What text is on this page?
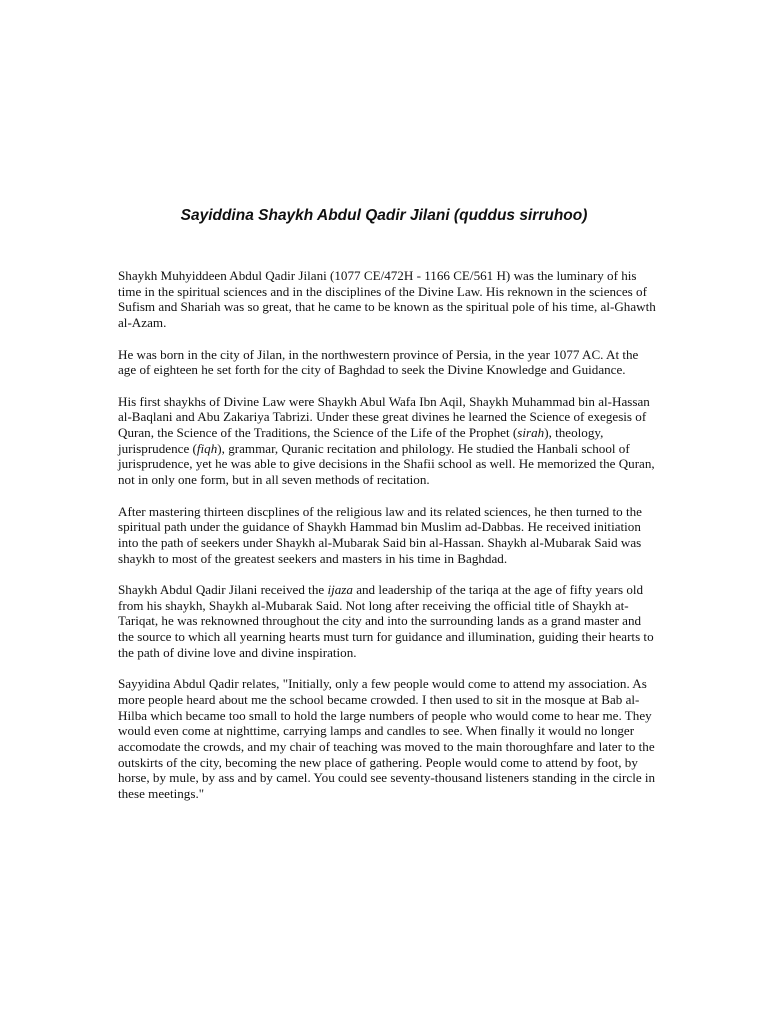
Sayiddina Shaykh Abdul Qadir Jilani (quddus sirruhoo)

Shaykh Muhyiddeen Abdul Qadir Jilani (1077 CE/472H - 1166 CE/561 H) was the luminary of his time in the spiritual sciences and in the disciplines of the Divine Law. His reknown in the sciences of Sufism and Shariah was so great, that he came to be known as the spiritual pole of his time, al-Ghawth al-Azam.

He was born in the city of Jilan, in the northwestern province of Persia, in the year 1077 AC. At the age of eighteen he set forth for the city of Baghdad to seek the Divine Knowledge and Guidance.

His first shaykhs of Divine Law were Shaykh Abul Wafa Ibn Aqil, Shaykh Muhammad bin al-Hassan al-Baqlani and Abu Zakariya Tabrizi. Under these great divines he learned the Science of exegesis of Quran, the Science of the Traditions, the Science of the Life of the Prophet (sirah), theology, jurisprudence (fiqh), grammar, Quranic recitation and philology. He studied the Hanbali school of jurisprudence, yet he was able to give decisions in the Shafii school as well. He memorized the Quran, not in only one form, but in all seven methods of recitation.

After mastering thirteen discplines of the religious law and its related sciences, he then turned to the spiritual path under the guidance of Shaykh Hammad bin Muslim ad-Dabbas. He received initiation into the path of seekers under Shaykh al-Mubarak Said bin al-Hassan. Shaykh al-Mubarak Said was shaykh to most of the greatest seekers and masters in his time in Baghdad.

Shaykh Abdul Qadir Jilani received the ijaza and leadership of the tariqa at the age of fifty years old from his shaykh, Shaykh al-Mubarak Said. Not long after receiving the official title of Shaykh at-Tariqat, he was reknowned throughout the city and into the surrounding lands as a grand master and the source to which all yearning hearts must turn for guidance and illumination, guiding their hearts to the path of divine love and divine inspiration.

Sayyidina Abdul Qadir relates, "Initially, only a few people would come to attend my association. As more people heard about me the school became crowded. I then used to sit in the mosque at Bab al-Hilba which became too small to hold the large numbers of people who would come to hear me. They would even come at nighttime, carrying lamps and candles to see. When finally it would no longer accomodate the crowds, and my chair of teaching was moved to the main thoroughfare and later to the outskirts of the city, becoming the new place of gathering. People would come to attend by foot, by horse, by mule, by ass and by camel. You could see seventy-thousand listeners standing in the circle in these meetings."
